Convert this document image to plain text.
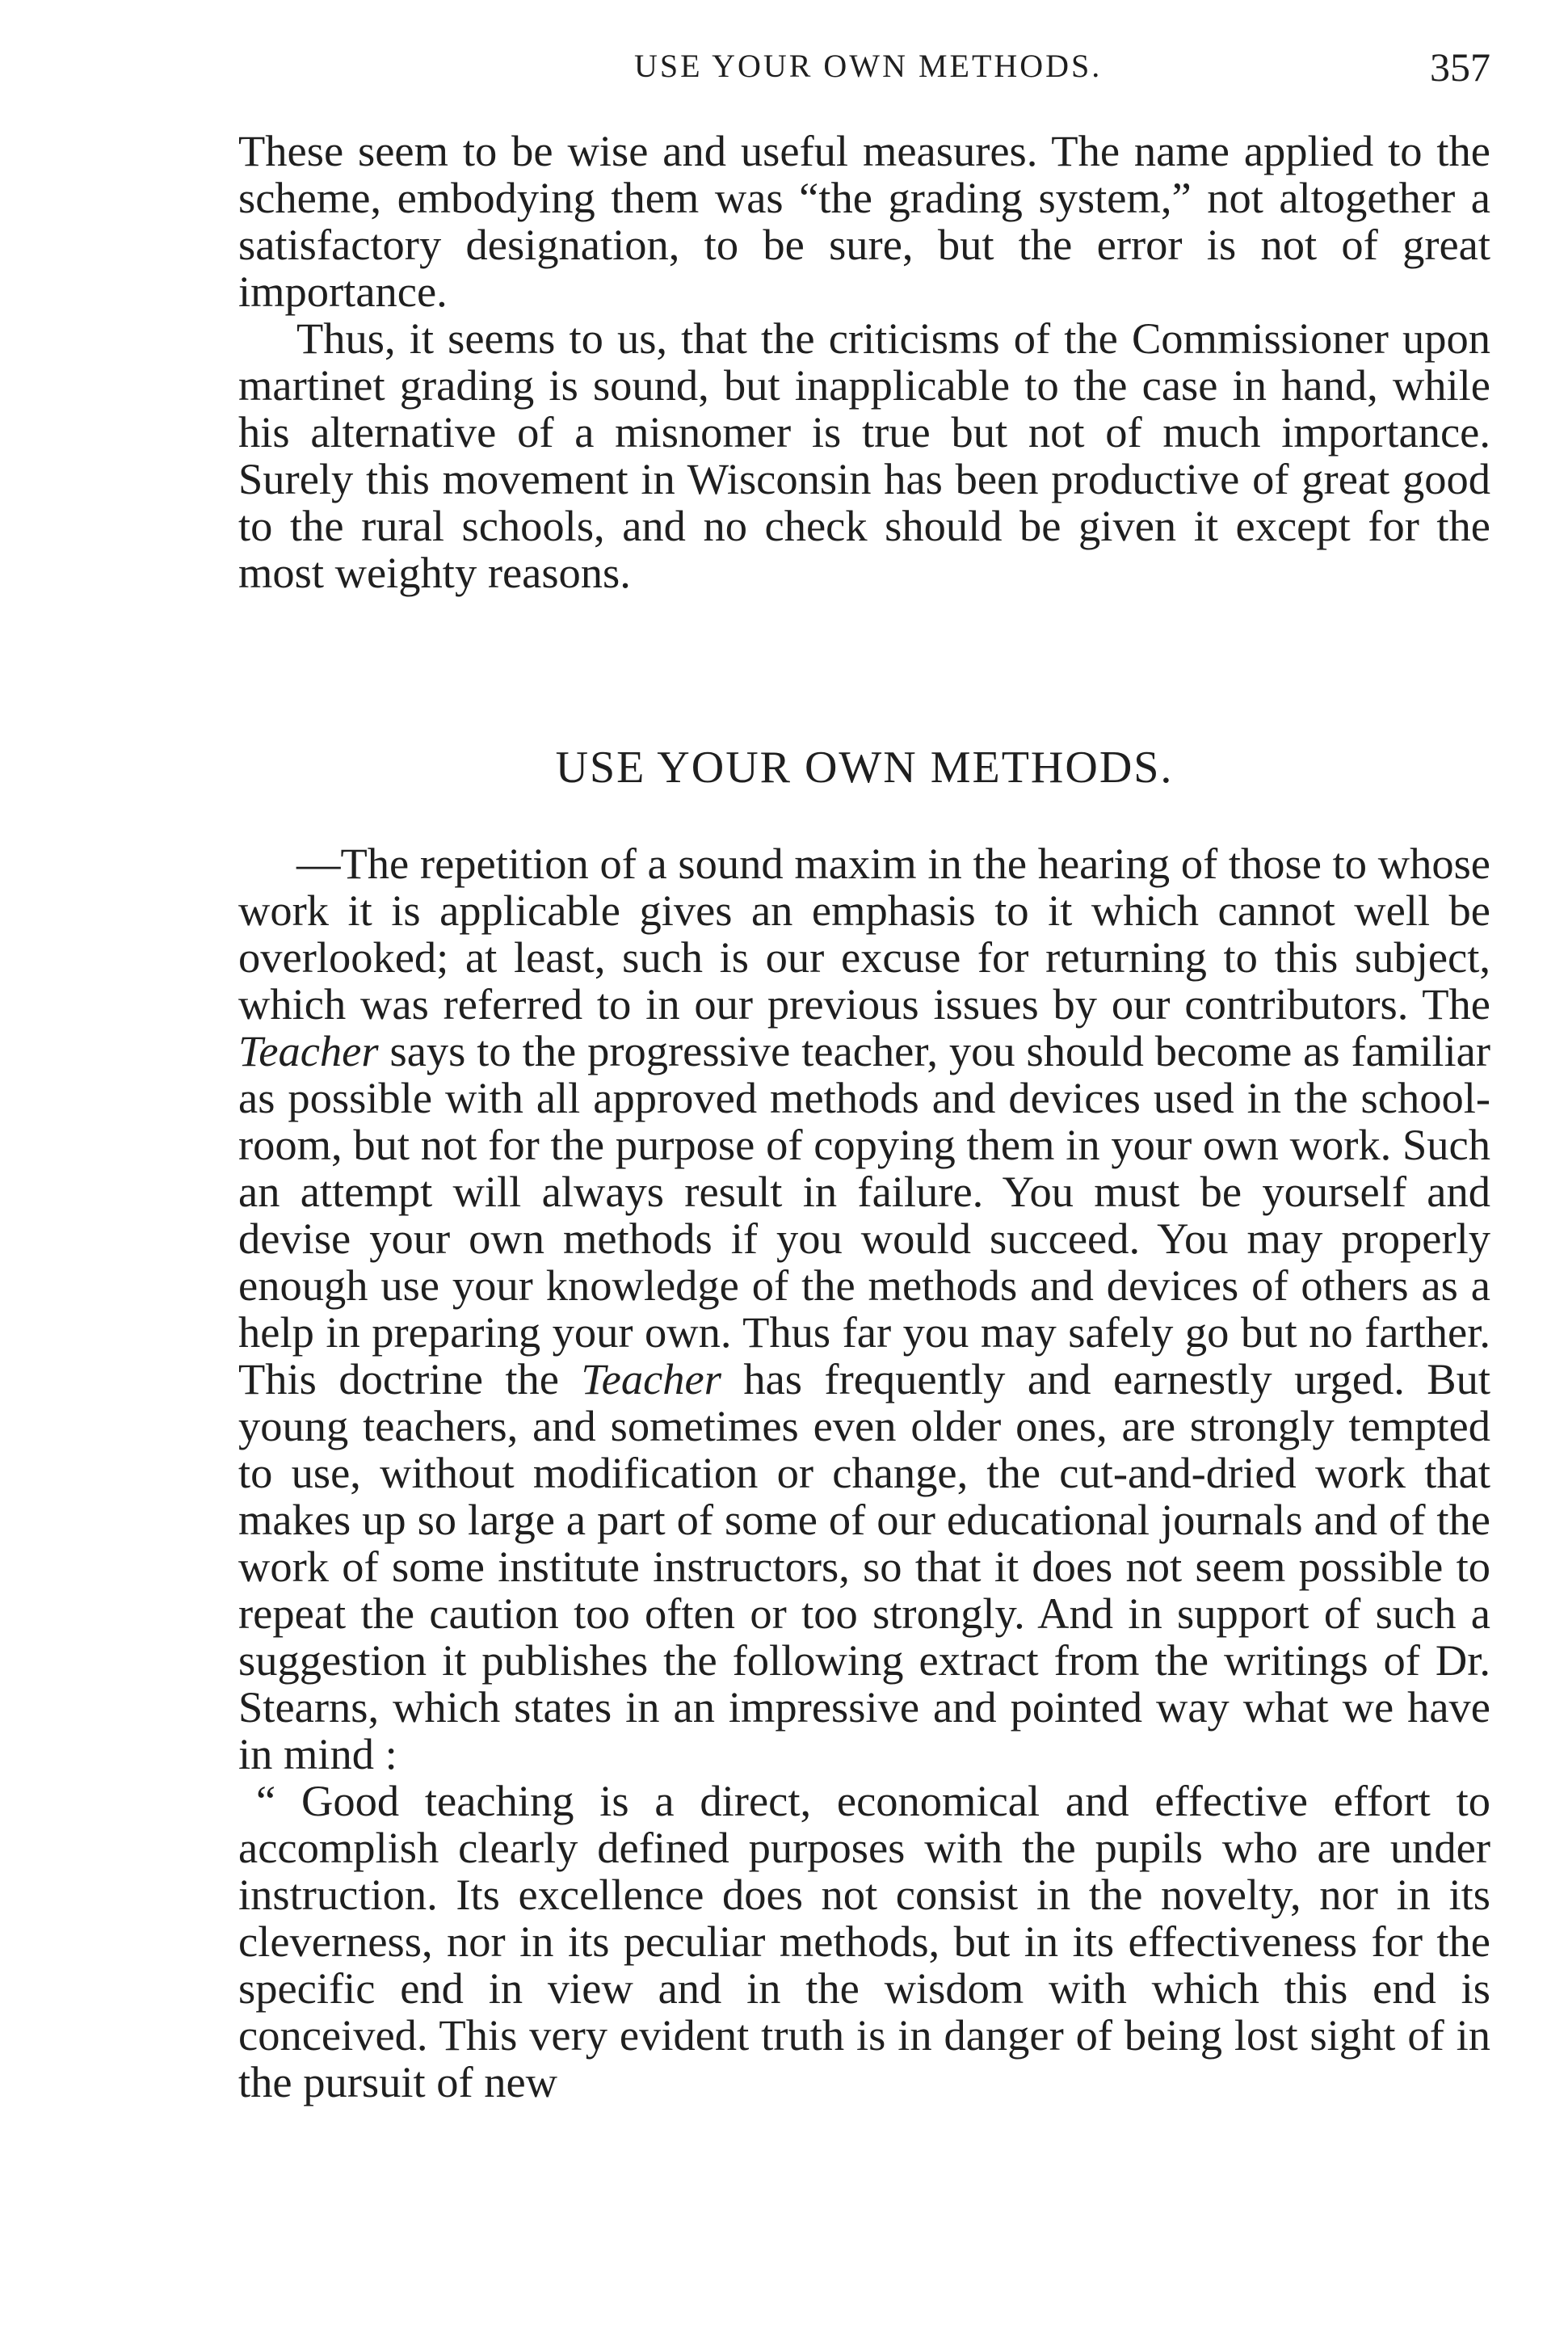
USE YOUR OWN METHODS.	357

These seem to be wise and useful measures. The name applied to the scheme, embodying them was “the grading system,” not altogether a satisfactory designation, to be sure, but the error is not of great importance.

Thus, it seems to us, that the criticisms of the Commissioner upon martinet grading is sound, but inapplicable to the case in hand, while his alternative of a misnomer is true but not of much importance. Surely this movement in Wisconsin has been productive of great good to the rural schools, and no check should be given it except for the most weighty reasons.

USE YOUR OWN METHODS.

—The repetition of a sound maxim in the hearing of those to whose work it is applicable gives an emphasis to it which cannot well be overlooked; at least, such is our excuse for returning to this subject, which was referred to in our previous issues by our contributors. The Teacher says to the progressive teacher, you should become as familiar as possible with all approved methods and devices used in the school-room, but not for the purpose of copying them in your own work. Such an attempt will always result in failure. You must be yourself and devise your own methods if you would succeed. You may properly enough use your knowledge of the methods and devices of others as a help in preparing your own. Thus far you may safely go but no farther. This doctrine the Teacher has frequently and earnestly urged. But young teachers, and sometimes even older ones, are strongly tempted to use, without modification or change, the cut-and-dried work that makes up so large a part of some of our educational journals and of the work of some institute instructors, so that it does not seem possible to repeat the caution too often or too strongly. And in support of such a suggestion it publishes the following extract from the writings of Dr. Stearns, which states in an impressive and pointed way what we have in mind :

“ Good teaching is a direct, economical and effective effort to accomplish clearly defined purposes with the pupils who are under instruction. Its excellence does not consist in the novelty, nor in its cleverness, nor in its peculiar methods, but in its effectiveness for the specific end in view and in the wisdom with which this end is conceived. This very evident truth is in danger of being lost sight of in the pursuit of new
